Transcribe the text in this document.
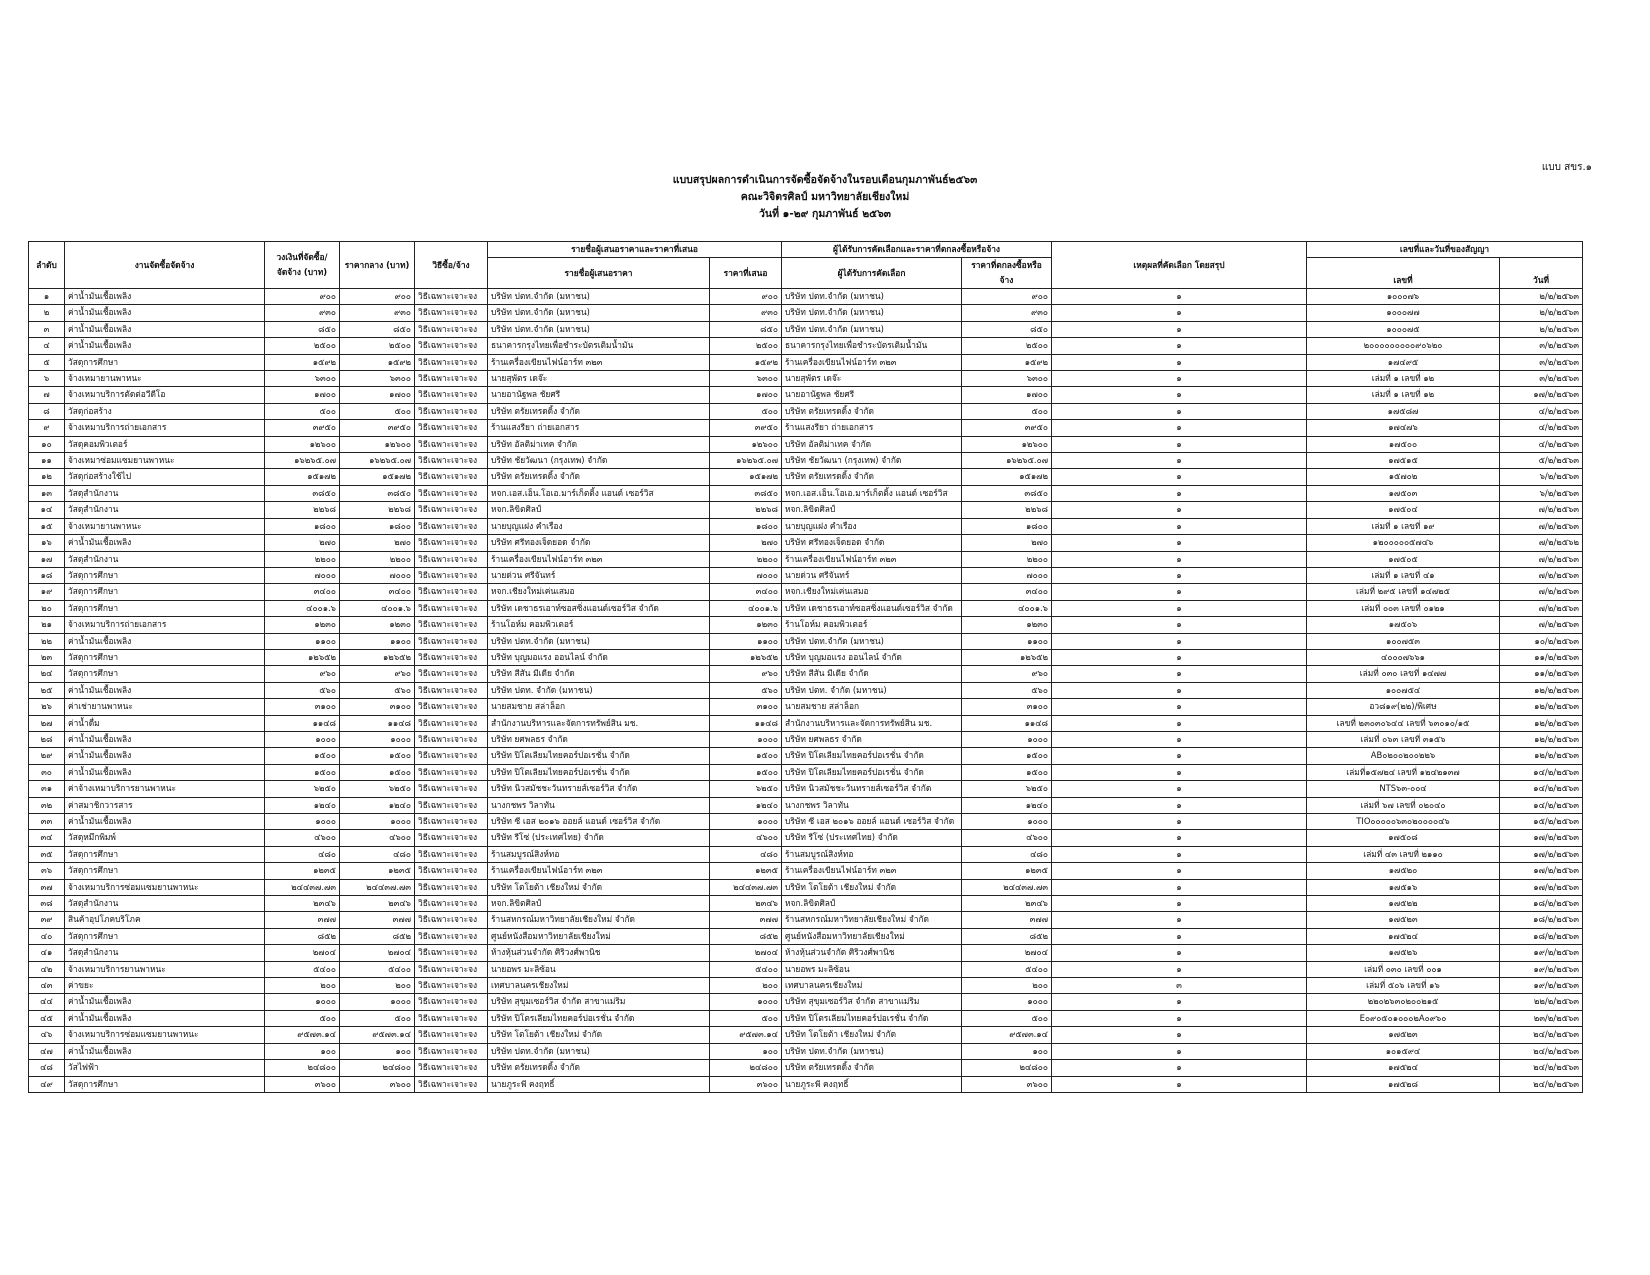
แบบ สขร.๑
แบบสรุปผลการดำเนินการจัดซื้อจัดจ้างในรอบเดือนกุมภาพันธ์๒๕๖๓
คณะวิจิตรศิลป์ มหาวิทยาลัยเชียงใหม่
วันที่ ๑-๒๙ กุมภาพันธ์ ๒๕๖๓
ลำดับ	งานจัดซื้อจัดจ้าง	วงเงินที่จัดซื้อ/
จัดจ้าง (บาท)	ราคากลาง (บาท)	วิธีซื้อ/จ้าง	รายชื่อผู้เสนอราคาและราคาที่เสนอ		ผู้ได้รับการคัดเลือกและราคาที่ตกลงซื้อหรือจ้าง		เหตุผลที่คัดเลือก โดยสรุป	เลขที่และวันที่ของสัญญา	
					รายชื่อผู้เสนอราคา	ราคาที่เสนอ	ผู้ได้รับการคัดเลือก	ราคาที่ตกลงซื้อหรือ
จ้าง		เลขที่	วันที่
๑	ค่าน้ำมันเชื้อเพลิง	๙๐๐	๙๐๐	วิธีเฉพาะเจาะจง	บริษัท ปตท.จำกัด (มหาชน)	๙๐๐	บริษัท ปตท.จำกัด (มหาชน)	๙๐๐	๑	๑๐๐๐๗๖	๒/๒/๒๕๖๓
๒	ค่าน้ำมันเชื้อเพลิง	๙๓๐	๙๓๐	วิธีเฉพาะเจาะจง	บริษัท ปตท.จำกัด (มหาชน)	๙๓๐	บริษัท ปตท.จำกัด (มหาชน)	๙๓๐	๑	๑๐๐๐๗๗	๒/๒/๒๕๖๓
๓	ค่าน้ำมันเชื้อเพลิง	๘๕๐	๘๕๐	วิธีเฉพาะเจาะจง	บริษัท ปตท.จำกัด (มหาชน)	๘๕๐	บริษัท ปตท.จำกัด (มหาชน)	๘๕๐	๑	๑๐๐๐๗๕	๒/๒/๒๕๖๓
๔	ค่าน้ำมันเชื้อเพลิง	๒๕๐๐	๒๕๐๐	วิธีเฉพาะเจาะจง	ธนาคารกรุงไทยเพื่อชำระบัตรเติมน้ำมัน	๒๕๐๐	ธนาคารกรุงไทยเพื่อชำระบัตรเติมน้ำมัน	๒๕๐๐	๑	๒๐๐๐๐๐๐๐๐๐๙๐๖๒๐	๓/๒/๒๕๖๓
๕	วัสดุการศึกษา	๑๕๙๒	๑๕๙๒	วิธีเฉพาะเจาะจง	ร้านเครื่องเขียนไฟน์อาร์ท ๓๒๓	๑๕๙๒	ร้านเครื่องเขียนไฟน์อาร์ท ๓๒๓	๑๕๙๒	๑	๑๗๔๙๕	๓/๒/๒๕๖๓
๖	จ้างเหมายานพาหนะ	๖๓๐๐	๖๓๐๐	วิธีเฉพาะเจาะจง	นายสุพัตร เดจ๊ะ	๖๓๐๐	นายสุพัตร เดจ๊ะ	๖๓๐๐	๑	เล่มที่ ๑ เลขที่ ๑๒	๓/๒/๒๕๖๓
๗	จ้างเหมาบริการตัดต่อวีดีโอ	๑๗๐๐	๑๗๐๐	วิธีเฉพาะเจาะจง	นายอานัฐพล ชัยศรี	๑๗๐๐	นายอานัฐพล ชัยศรี	๑๗๐๐	๑	เล่มที่ ๑ เลขที่ ๑๒	๑๗/๒/๒๕๖๓
๘	วัสดุก่อสร้าง	๕๐๐	๕๐๐	วิธีเฉพาะเจาะจง	บริษัท ตรัยเทรดดิ้ง จำกัด	๕๐๐	บริษัท ตรัยเทรดดิ้ง จำกัด	๕๐๐	๑	๑๗๕๘๗	๔/๒/๒๕๖๓
๙	จ้างเหมาบริการถ่ายเอกสาร	๓๙๕๐	๓๙๕๐	วิธีเฉพาะเจาะจง	ร้านแสงรียา ถ่ายเอกสาร	๓๙๕๐	ร้านแสงรียา ถ่ายเอกสาร	๓๙๕๐	๑	๑๗๔๗๖	๔/๒/๒๕๖๓
๑๐	วัสดุคอมพิวเตอร์	๑๒๖๐๐	๑๒๖๐๐	วิธีเฉพาะเจาะจง	บริษัท อัลติม่าเทค จำกัด	๑๒๖๐๐	บริษัท อัลติม่าเทค จำกัด	๑๒๖๐๐	๑	๑๗๕๐๐	๔/๒/๒๕๖๓
๑๑	จ้างเหมาซ่อมแซมยานพาหนะ	๑๖๒๖๕.๐๗	๑๖๒๖๕.๐๗	วิธีเฉพาะเจาะจง	บริษัท ชัยวัฒนา (กรุงเทพ) จำกัด	๑๖๒๖๕.๐๗	บริษัท ชัยวัฒนา (กรุงเทพ) จำกัด	๑๖๒๖๕.๐๗	๑	๑๗๕๑๕	๕/๒/๒๕๖๓
๑๒	วัสดุก่อสร้างใช้ไป	๑๕๑๗๒	๑๕๑๗๒	วิธีเฉพาะเจาะจง	บริษัท ตรัยเทรดดิ้ง จำกัด	๑๕๑๗๒	บริษัท ตรัยเทรดดิ้ง จำกัด	๑๕๑๗๒	๑	๑๕๗๐๒	๖/๒/๒๕๖๓
๑๓	วัสดุสำนักงาน	๓๘๕๐	๓๘๕๐	วิธีเฉพาะเจาะจง	หจก.เอส.เอ็น.โอเอ.มาร์เก็ตติ้ง แอนด์ เซอร์วิส	๓๘๕๐	หจก.เอส.เอ็น.โอเอ.มาร์เก็ตติ้ง แอนด์ เซอร์วิส	๓๘๕๐	๑	๑๗๕๐๓	๖/๒/๒๕๖๓
๑๔	วัสดุสำนักงาน	๒๒๖๘	๒๒๖๘	วิธีเฉพาะเจาะจง	หจก.ลิขิตศิลป์	๒๒๖๘	หจก.ลิขิตศิลป์	๒๒๖๘	๑	๑๗๕๐๔	๗/๒/๒๕๖๓
๑๕	จ้างเหมายานพาหนะ	๑๘๐๐	๑๘๐๐	วิธีเฉพาะเจาะจง	นายบุญแฝง คำเรือง	๑๘๐๐	นายบุญแฝง คำเรือง	๑๘๐๐	๑	เล่มที่ ๑ เลขที่ ๑๙	๗/๒/๒๕๖๓
๑๖	ค่าน้ำมันเชื้อเพลิง	๒๗๐	๒๗๐	วิธีเฉพาะเจาะจง	บริษัท ศรีทองเจ็ดยอด จำกัด	๒๗๐	บริษัท ศรีทองเจ็ดยอด จำกัด	๒๗๐	๑	๑๒๐๐๐๐๐๕๗๔๖	๗/๒/๒๕๖๒
๑๗	วัสดุสำนักงาน	๒๒๐๐	๒๒๐๐	วิธีเฉพาะเจาะจง	ร้านเครื่องเขียนไฟน์อาร์ท ๓๒๓	๒๒๐๐	ร้านเครื่องเขียนไฟน์อาร์ท ๓๒๓	๒๒๐๐	๑	๑๗๕๐๕	๗/๒/๒๕๖๓
๑๘	วัสดุการศึกษา	๗๐๐๐	๗๐๐๐	วิธีเฉพาะเจาะจง	นายด่วน ศรีจันทร์	๗๐๐๐	นายด่วน ศรีจันทร์	๗๐๐๐	๑	เล่มที่ ๑ เลขที่ ๔๑	๗/๒/๒๕๖๓
๑๙	วัสดุการศึกษา	๓๔๐๐	๓๔๐๐	วิธีเฉพาะเจาะจง	หจก.เชียงใหม่เค่นเสมอ	๓๔๐๐	หจก.เชียงใหม่เค่นเสมอ	๓๔๐๐	๑	เล่มที่ ๒๙๕ เลขที่ ๑๔๗๒๕	๗/๒/๒๕๖๓
๒๐	วัสดุการศึกษา	๔๐๐๑.๖	๔๐๐๑.๖	วิธีเฉพาะเจาะจง	บริษัท เดชาธรเอาท์ซอสซิ่งแอนด์เซอร์วิส จำกัด	๔๐๐๑.๖	บริษัท เดชาธรเอาท์ซอสซิ่งแอนด์เซอร์วิส จำกัด	๔๐๐๑.๖	๑	เล่มที่ ๐๐๓ เลขที่ ๐๑๒๑	๗/๒/๒๕๖๓
๒๑	จ้างเหมาบริการถ่ายเอกสาร	๑๒๓๐	๑๒๓๐	วิธีเฉพาะเจาะจง	ร้านโอห์ม คอมพิวเตอร์	๑๒๓๐	ร้านโอห์ม คอมพิวเตอร์	๑๒๓๐	๑	๑๗๕๐๖	๗/๒/๒๕๖๓
๒๒	ค่าน้ำมันเชื้อเพลิง	๑๑๐๐	๑๑๐๐	วิธีเฉพาะเจาะจง	บริษัท ปตท.จำกัด (มหาชน)	๑๑๐๐	บริษัท ปตท.จำกัด (มหาชน)	๑๑๐๐	๑	๑๐๐๗๕๓	๑๐/๒/๒๕๖๓
๒๓	วัสดุการศึกษา	๑๒๖๕๒	๑๒๖๕๒	วิธีเฉพาะเจาะจง	บริษัท บุญมอแรง ออนไลน์ จำกัด	๑๒๖๕๒	บริษัท บุญมอแรง ออนไลน์ จำกัด	๑๒๖๕๒	๑	๔๐๐๐๗๖๖๑	๑๑/๒/๒๕๖๓
๒๔	วัสดุการศึกษา	๙๖๐	๙๖๐	วิธีเฉพาะเจาะจง	บริษัท สีสัน มีเดีย จำกัด	๙๖๐	บริษัท สีสัน มีเดีย จำกัด	๙๖๐	๑	เล่มที่ ๐๓๐ เลขที่ ๑๔๗๗	๑๑/๒/๒๕๖๓
๒๕	ค่าน้ำมันเชื้อเพลิง	๕๖๐	๕๖๐	วิธีเฉพาะเจาะจง	บริษัท ปตท. จำกัด (มหาชน)	๕๖๐	บริษัท ปตท. จำกัด (มหาชน)	๕๖๐	๑	๑๐๐๗๕๔	๑๒/๒/๒๕๖๓
๒๖	ค่าเช่ายานพาหนะ	๓๑๐๐	๓๑๐๐	วิธีเฉพาะเจาะจง	นายสมชาย สล่าล็อก	๓๑๐๐	นายสมชาย สล่าล็อก	๓๑๐๐	๑	อว๘๑๙(๒๒)/พิเศษ	๑๒/๒/๒๕๖๓
๒๗	ค่าน้ำดื่ม	๑๑๔๘	๑๑๔๘	วิธีเฉพาะเจาะจง	สำนักงานบริหารและจัดการทรัพย์สิน มช.	๑๑๔๘	สำนักงานบริหารและจัดการทรัพย์สิน มช.	๑๑๔๘	๑	เลขที่ ๒๓๐๓๐๖๔๔ เลขที่ ๖๓๐๑๐/๑๕	๑๒/๒/๒๕๖๓
๒๘	ค่าน้ำมันเชื้อเพลิง	๑๐๐๐	๑๐๐๐	วิธีเฉพาะเจาะจง	บริษัท ยศพลธร จำกัด	๑๐๐๐	บริษัท ยศพลธร จำกัด	๑๐๐๐	๑	เล่มที่ ๐๖๓ เลขที่ ๓๑๕๖	๑๒/๒/๒๕๖๓
๒๙	ค่าน้ำมันเชื้อเพลิง	๑๕๐๐	๑๕๐๐	วิธีเฉพาะเจาะจง	บริษัท ปิโตเลียมไทยคอร์ปอเรชั่น จำกัด	๑๕๐๐	บริษัท ปิโตเลียมไทยคอร์ปอเรชั่น จำกัด	๑๕๐๐	๑	AB๐๒๐๐๒๐๐๒๒๖	๑๒/๒/๒๕๖๓
๓๐	ค่าน้ำมันเชื้อเพลิง	๑๕๐๐	๑๕๐๐	วิธีเฉพาะเจาะจง	บริษัท ปิโตเลียมไทยคอร์ปอเรชั่น จำกัด	๑๕๐๐	บริษัท ปิโตเลียมไทยคอร์ปอเรชั่น จำกัด	๑๕๐๐	๑	เล่มที่๑๕๗๒๔ เลขที่ ๑๒๔๒๑๓๗	๑๔/๒/๒๕๖๓
๓๑	ค่าจ้างเหมาบริการยานพาหนะ	๖๒๕๐	๖๒๕๐	วิธีเฉพาะเจาะจง	บริษัท นิวสมัชชะวันทรายส์เซอร์วิส จำกัด	๖๒๕๐	บริษัท นิวสมัชชะวันทรายส์เซอร์วิส จำกัด	๖๒๕๐	๑	NTS๖๓-๐๐๔	๑๔/๒/๒๕๖๓
๓๒	ค่าสมาชิกวารสาร	๑๒๔๐	๑๒๔๐	วิธีเฉพาะเจาะจง	นางกชพร วิลาทัน	๑๒๔๐	นางกชพร วิลาทัน	๑๒๔๐	๑	เล่มที่ ๖๗ เลขที่ ๐๒๐๔๐	๑๔/๒/๒๕๖๓
๓๓	ค่าน้ำมันเชื้อเพลิง	๑๐๐๐	๑๐๐๐	วิธีเฉพาะเจาะจง	บริษัท ซี เอส ๒๐๑๖ ออยล์ แอนด์ เซอร์วิส จำกัด	๑๐๐๐	บริษัท ซี เอส ๒๐๑๖ ออยล์ แอนด์ เซอร์วิส จำกัด	๑๐๐๐	๑	TIO๐๐๐๐๐๖๓๐๒๐๐๐๐๔๖	๑๕/๒/๒๕๖๓
๓๔	วัสดุหมึกพิมพ์	๔๖๐๐	๔๖๐๐	วิธีเฉพาะเจาะจง	บริษัท รีโซ่ (ประเทศไทย) จำกัด	๔๖๐๐	บริษัท รีโซ่ (ประเทศไทย) จำกัด	๔๖๐๐	๑	๑๗๕๐๘	๑๗/๒/๒๕๖๓
๓๕	วัสดุการศึกษา	๔๘๐	๔๘๐	วิธีเฉพาะเจาะจง	ร้านสมบูรณ์สิงห์ทอ	๔๘๐	ร้านสมบูรณ์สิงห์ทอ	๔๘๐	๑	เล่มที่ ๔๓ เลขที่ ๒๑๑๐	๑๗/๒/๒๕๖๓
๓๖	วัสดุการศึกษา	๑๒๓๕	๑๒๓๕	วิธีเฉพาะเจาะจง	ร้านเครื่องเขียนไฟน์อาร์ท ๓๒๓	๑๒๓๕	ร้านเครื่องเขียนไฟน์อาร์ท ๓๒๓	๑๒๓๕	๑	๑๗๕๒๐	๑๗/๒/๒๕๖๓
๓๗	จ้างเหมาบริการซ่อมแซมยานพาหนะ	๒๔๔๓๗.๗๓	๒๔๔๓๗.๗๓	วิธีเฉพาะเจาะจง	บริษัท โตโยต้า เชียงใหม่ จำกัด	๒๔๔๓๗.๗๓	บริษัท โตโยต้า เชียงใหม่ จำกัด	๒๔๔๓๗.๗๓	๑	๑๗๕๑๖	๑๗/๒/๒๕๖๓
๓๘	วัสดุสำนักงาน	๒๓๔๖	๒๓๔๖	วิธีเฉพาะเจาะจง	หจก.ลิขิตศิลป์	๒๓๔๖	หจก.ลิขิตศิลป์	๒๓๔๖	๑	๑๗๕๒๒	๑๘/๒/๒๕๖๓
๓๙	สินค้าอุปโภคบริโภค	๓๗๗	๓๗๗	วิธีเฉพาะเจาะจง	ร้านสหกรณ์มหาวิทยาลัยเชียงใหม่ จำกัด	๓๗๗	ร้านสหกรณ์มหาวิทยาลัยเชียงใหม่ จำกัด	๓๗๗	๑	๑๗๕๒๓	๑๘/๒/๒๕๖๓
๔๐	วัสดุการศึกษา	๘๕๒	๘๕๒	วิธีเฉพาะเจาะจง	ศูนย์หนังสือมหาวิทยาลัยเชียงใหม่	๘๕๒	ศูนย์หนังสือมหาวิทยาลัยเชียงใหม่	๘๕๒	๑	๑๗๕๒๔	๑๘/๒/๒๕๖๓
๔๑	วัสดุสำนักงาน	๒๗๐๔	๒๗๐๔	วิธีเฉพาะเจาะจง	ห้างหุ้นส่วนจำกัด ศิริวงศ์พานิช	๒๗๐๔	ห้างหุ้นส่วนจำกัด ศิริวงศ์พานิช	๒๗๐๔	๑	๑๗๕๒๖	๑๙/๒/๒๕๖๓
๔๒	จ้างเหมาบริการยานพาหนะ	๕๔๐๐	๕๔๐๐	วิธีเฉพาะเจาะจง	นายอพร มะลิซ้อน	๕๔๐๐	นายอพร มะลิซ้อน	๕๔๐๐	๑	เล่มที่ ๐๓๐ เลขที่ ๐๐๑	๑๙/๒/๒๕๖๓
๔๓	ค่าขยะ	๒๐๐	๒๐๐	วิธีเฉพาะเจาะจง	เทศบาลนครเชียงใหม่	๒๐๐	เทศบาลนครเชียงใหม่	๒๐๐	๓	เล่มที่ ๕๐๖ เลขที่ ๑๖	๑๙/๒/๒๕๖๓
๔๔	ค่าน้ำมันเชื้อเพลิง	๑๐๐๐	๑๐๐๐	วิธีเฉพาะเจาะจง	บริษัท สุขุมเซอร์วิส จำกัด สาขาแม่ริม	๑๐๐๐	บริษัท สุขุมเซอร์วิส จำกัด สาขาแม่ริม	๑๐๐๐	๑	๒๒๐๒๖๓๐๒๐๐๒๑๕	๒๒/๒/๒๕๖๓
๔๕	ค่าน้ำมันเชื้อเพลิง	๕๐๐	๕๐๐	วิธีเฉพาะเจาะจง	บริษัท ปิโตรเลียมไทยคอร์ปอเรชั่น จำกัด	๕๐๐	บริษัท ปิโตรเลียมไทยคอร์ปอเรชั่น จำกัด	๕๐๐	๑	E๐๙๐๕๐๑๐๐๐๒A๐๙๖๐	๒๓/๒/๒๕๖๓
๔๖	จ้างเหมาบริการซ่อมแซมยานพาหนะ	๙๕๗๓.๑๔	๙๕๗๓.๑๔	วิธีเฉพาะเจาะจง	บริษัท โตโยต้า เชียงใหม่ จำกัด	๙๕๗๓.๑๔	บริษัท โตโยต้า เชียงใหม่ จำกัด	๙๕๗๓.๑๔	๑	๑๗๕๒๓	๒๔/๒/๒๕๖๓
๔๗	ค่าน้ำมันเชื้อเพลิง	๑๐๐	๑๐๐	วิธีเฉพาะเจาะจง	บริษัท ปตท.จำกัด (มหาชน)	๑๐๐	บริษัท ปตท.จำกัด (มหาชน)	๑๐๐	๑	๑๐๑๕๙๔	๒๔/๒/๒๕๖๓
๔๘	วัสไฟฟ้า	๒๔๘๐๐	๒๔๘๐๐	วิธีเฉพาะเจาะจง	บริษัท ตรัยเทรดดิ้ง จำกัด	๒๔๘๐๐	บริษัท ตรัยเทรดดิ้ง จำกัด	๒๔๘๐๐	๑	๑๗๕๒๔	๒๔/๒/๒๕๖๓
๔๙	วัสดุการศึกษา	๓๖๐๐	๓๖๐๐	วิธีเฉพาะเจาะจง	นายภูระพี คงฤทธิ์	๓๖๐๐	นายภูระพี คงฤทธิ์	๓๖๐๐	๑	๑๗๕๒๘	๒๔/๒/๒๕๖๓
